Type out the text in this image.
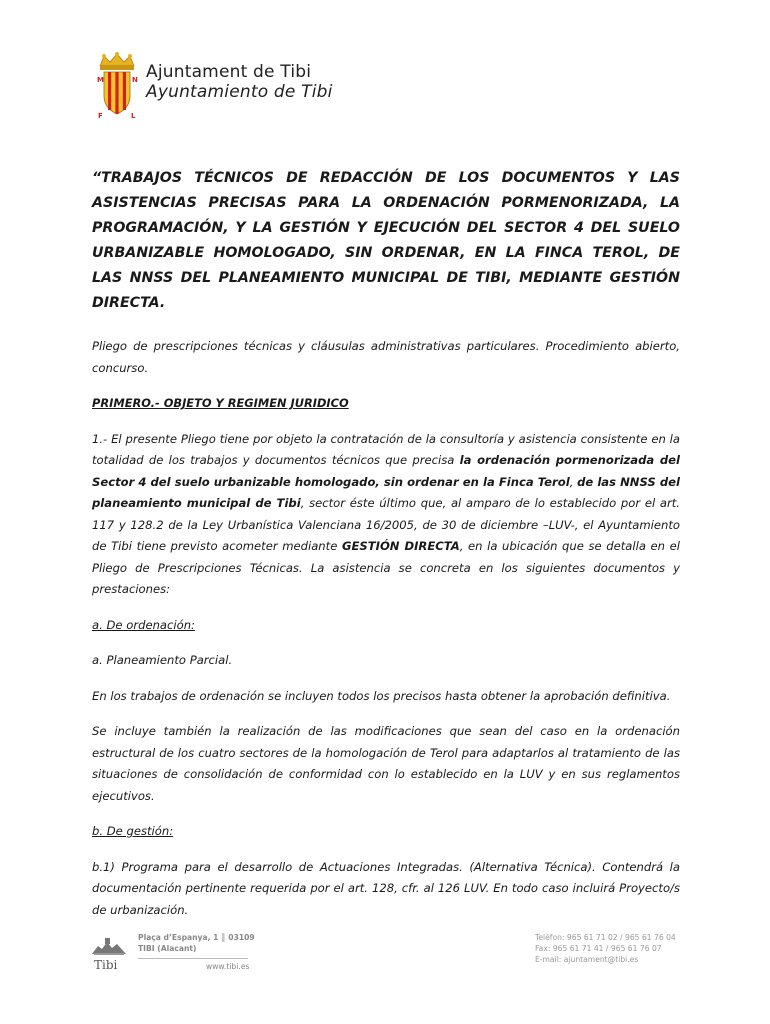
M	N
F	L
Ajuntament de Tibi
Ayuntamiento de Tibi
“TRABAJOS TÉCNICOS DE REDACCIÓN DE LOS DOCUMENTOS Y LAS ASISTENCIAS PRECISAS PARA LA ORDENACIÓN PORMENORIZADA, LA PROGRAMACIÓN, Y LA GESTIÓN Y EJECUCIÓN DEL SECTOR 4 DEL SUELO URBANIZABLE HOMOLOGADO, SIN ORDENAR, EN LA FINCA TEROL, DE LAS NNSS DEL PLANEAMIENTO MUNICIPAL DE TIBI, MEDIANTE GESTIÓN DIRECTA.

Pliego de prescripciones técnicas y cláusulas administrativas particulares. Procedimiento abierto, concurso.

PRIMERO.- OBJETO Y REGIMEN JURIDICO

1.- El presente Pliego tiene por objeto la contratación de la consultoría y asistencia consistente en la totalidad de los trabajos y documentos técnicos que precisa la ordenación pormenorizada del Sector 4 del suelo urbanizable homologado, sin ordenar en la Finca Terol, de las NNSS del planeamiento municipal de Tibi, sector éste último que, al amparo de lo establecido por el art. 117 y 128.2 de la Ley Urbanística Valenciana 16/2005, de 30 de diciembre –LUV-, el Ayuntamiento de Tibi tiene previsto acometer mediante GESTIÓN DIRECTA, en la ubicación que se detalla en el Pliego de Prescripciones Técnicas. La asistencia se concreta en los siguientes documentos y prestaciones:

a. De ordenación:

a. Planeamiento Parcial.

En los trabajos de ordenación se incluyen todos los precisos hasta obtener la aprobación definitiva.

Se incluye también la realización de las modificaciones que sean del caso en la ordenación estructural de los cuatro sectores de la homologación de Terol para adaptarlos al tratamiento de las situaciones de consolidación de conformidad con lo establecido en la LUV y en sus reglamentos ejecutivos.

b. De gestión:

b.1) Programa para el desarrollo de Actuaciones Integradas. (Alternativa Técnica). Contendrá la documentación pertinente requerida por el art. 128, cfr. al 126 LUV. En todo caso incluirá Proyecto/s de urbanización.

Tibi
Plaça d’Espanya, 1 ║ 03109
TIBI (Alacant)
www.tibi.es
Telèfon: 965 61 71 02 / 965 61 76 04
Fax: 965 61 71 41 / 965 61 76 07
E-mail: ajuntament@tibi.es
